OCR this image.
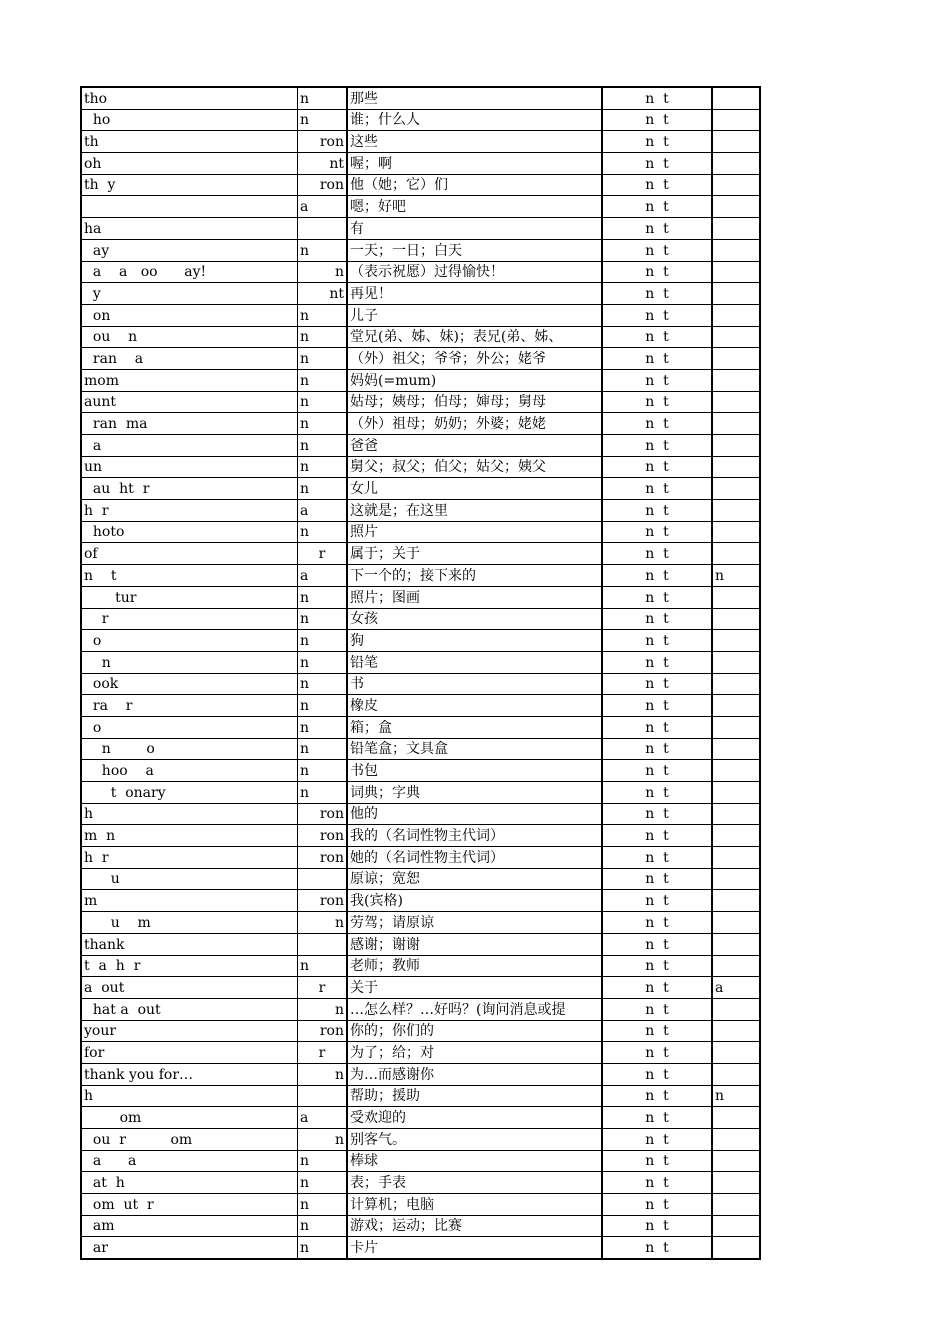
tho	n	那些	n  t	
ho	n	谁；什么人	n  t	
th	ron	这些	n  t	
oh	nt	喔；啊	n  t	
th  y	ron	他（她；它）们	n  t	
	a	嗯；好吧	n  t	
ha		有	n  t	
ay	n	一天；一日；白天	n  t	
a    a   oo      ay!	n	（表示祝愿）过得愉快！	n  t	
y	nt	再见！	n  t	
on	n	儿子	n  t	
ou    n	n	堂兄(弟、姊、妹)；表兄(弟、姊、	n  t	
ran    a	n	（外）祖父；爷爷；外公；姥爷	n  t	
mom	n	妈妈(=mum)	n  t	
aunt	n	姑母；姨母；伯母；婶母；舅母	n  t	
ran  ma	n	（外）祖母；奶奶；外婆；姥姥	n  t	
a	n	爸爸	n  t	
un	n	舅父；叔父；伯父；姑父；姨父	n  t	
au  ht  r	n	女儿	n  t	
h  r	a	这就是；在这里	n  t	
hoto	n	照片	n  t	
of	r	属于；关于	n  t	
n    t	a	下一个的；接下来的	n  t	n
tur	n	照片；图画	n  t	
r	n	女孩	n  t	
o	n	狗	n  t	
n	n	铅笔	n  t	
ook	n	书	n  t	
ra    r	n	橡皮	n  t	
o	n	箱；盒	n  t	
n        o	n	铅笔盒；文具盒	n  t	
hoo    a	n	书包	n  t	
t  onary	n	词典；字典	n  t	
h	ron	他的	n  t	
m  n	ron	我的（名词性物主代词）	n  t	
h  r	ron	她的（名词性物主代词）	n  t	
u		原谅；宽恕	n  t	
m	ron	我(宾格)	n  t	
u    m	n	劳驾；请原谅	n  t	
thank		感谢；谢谢	n  t	
t  a  h  r	n	老师；教师	n  t	
a  out	r	关于	n  t	a
hat a  out	n	…怎么样？…好吗？(询问消息或提	n  t	
your	ron	你的；你们的	n  t	
for	r	为了；给；对	n  t	
thank you for…	n	为…而感谢你	n  t	
h		帮助；援助	n  t	n
om	a	受欢迎的	n  t	
ou  r          om	n	别客气。	n  t	
a      a	n	棒球	n  t	
at  h	n	表；手表	n  t	
om  ut  r	n	计算机；电脑	n  t	
am	n	游戏；运动；比赛	n  t	
ar	n	卡片	n  t	
